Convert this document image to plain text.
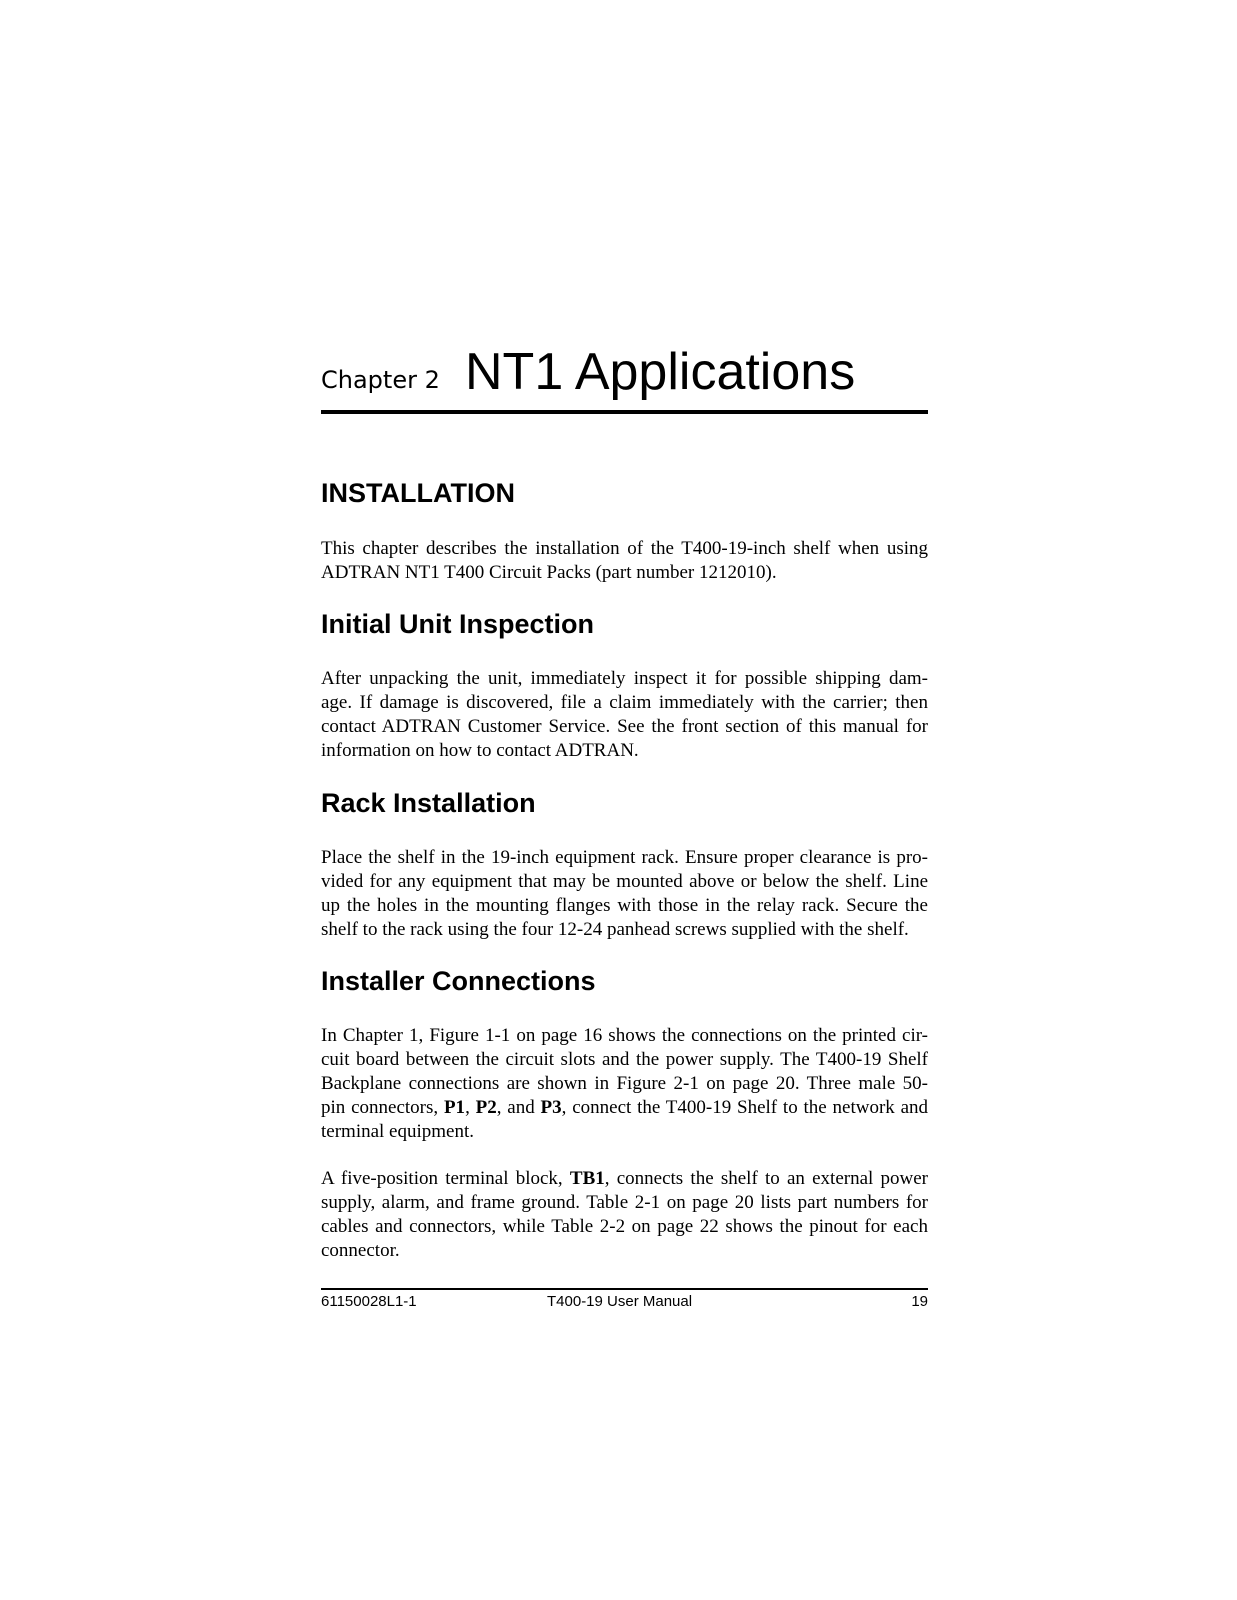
Chapter 2 NT1 Applications
INSTALLATION

This chapter describes the installation of the T400-19-inch shelf when using
ADTRAN NT1 T400 Circuit Packs (part number 1212010).

Initial Unit Inspection

After unpacking the unit, immediately inspect it for possible shipping dam-
age. If damage is discovered, file a claim immediately with the carrier; then
contact ADTRAN Customer Service. See the front section of this manual for
information on how to contact ADTRAN.

Rack Installation

Place the shelf in the 19-inch equipment rack. Ensure proper clearance is pro-
vided for any equipment that may be mounted above or below the shelf. Line
up the holes in the mounting flanges with those in the relay rack. Secure the
shelf to the rack using the four 12-24 panhead screws supplied with the shelf.

Installer Connections

In Chapter 1, Figure 1-1 on page 16 shows the connections on the printed cir-
cuit board between the circuit slots and the power supply. The T400-19 Shelf
Backplane connections are shown in Figure 2-1 on page 20. Three male 50-
pin connectors, P1, P2, and P3, connect the T400-19 Shelf to the network and
terminal equipment.

A five-position terminal block, TB1, connects the shelf to an external power
supply, alarm, and frame ground. Table 2-1 on page 20 lists part numbers for
cables and connectors, while Table 2-2 on page 22 shows the pinout for each
connector.

61150028L1-1	T400-19 User Manual	19
